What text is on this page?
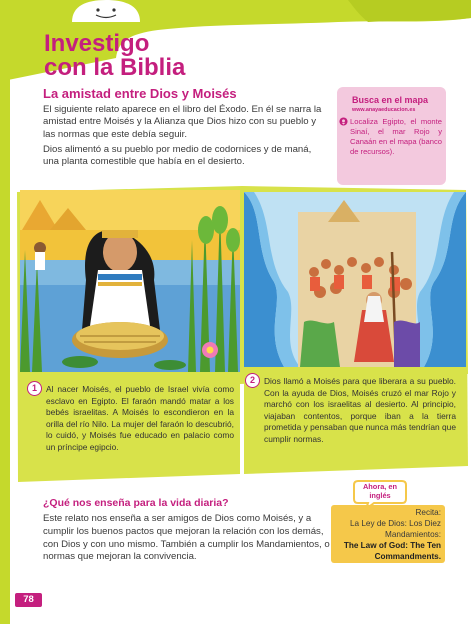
Investigo
con la Biblia
La amistad entre Dios y Moisés

El siguiente relato aparece en el libro del Éxodo. En él se narra la amistad entre Moisés y la Alianza que Dios hizo con su pueblo y las normas que este debía seguir.

Dios alimentó a su pueblo por medio de codornices y de maná, una planta comestible que había en el desierto.

Busca en el mapa
www.anayaeducacion.es
Localiza Egipto, el monte Sinaí, el mar Rojo y Canaán en el mapa (banco de recursos).
1	Al nacer Moisés, el pueblo de Israel vivía como esclavo en Egipto. El faraón mandó matar a los bebés israelitas. A Moisés lo escondieron en la orilla del río Nilo. La mujer del faraón lo descubrió, lo cuidó, y Moisés fue educado en palacio como un príncipe egipcio.
2	Dios llamó a Moisés para que liberara a su pueblo. Con la ayuda de Dios, Moisés cruzó el mar Rojo y marchó con los israelitas al desierto. Al principio, viajaban contentos, porque iban a la tierra prometida y pensaban que nunca más tendrían que cumplir normas.
¿Qué nos enseña para la vida diaria?
Este relato nos enseña a ser amigos de Dios como Moisés, y a cumplir los buenos pactos que mejoran la relación con los demás, con Dios y con uno mismo. También a cumplir los Mandamientos, o normas que mejoran la convivencia.
Ahora, en inglés
Recita:
La Ley de Dios: Los Diez Mandamientos:
The Law of God: The Ten Commandments.
78
